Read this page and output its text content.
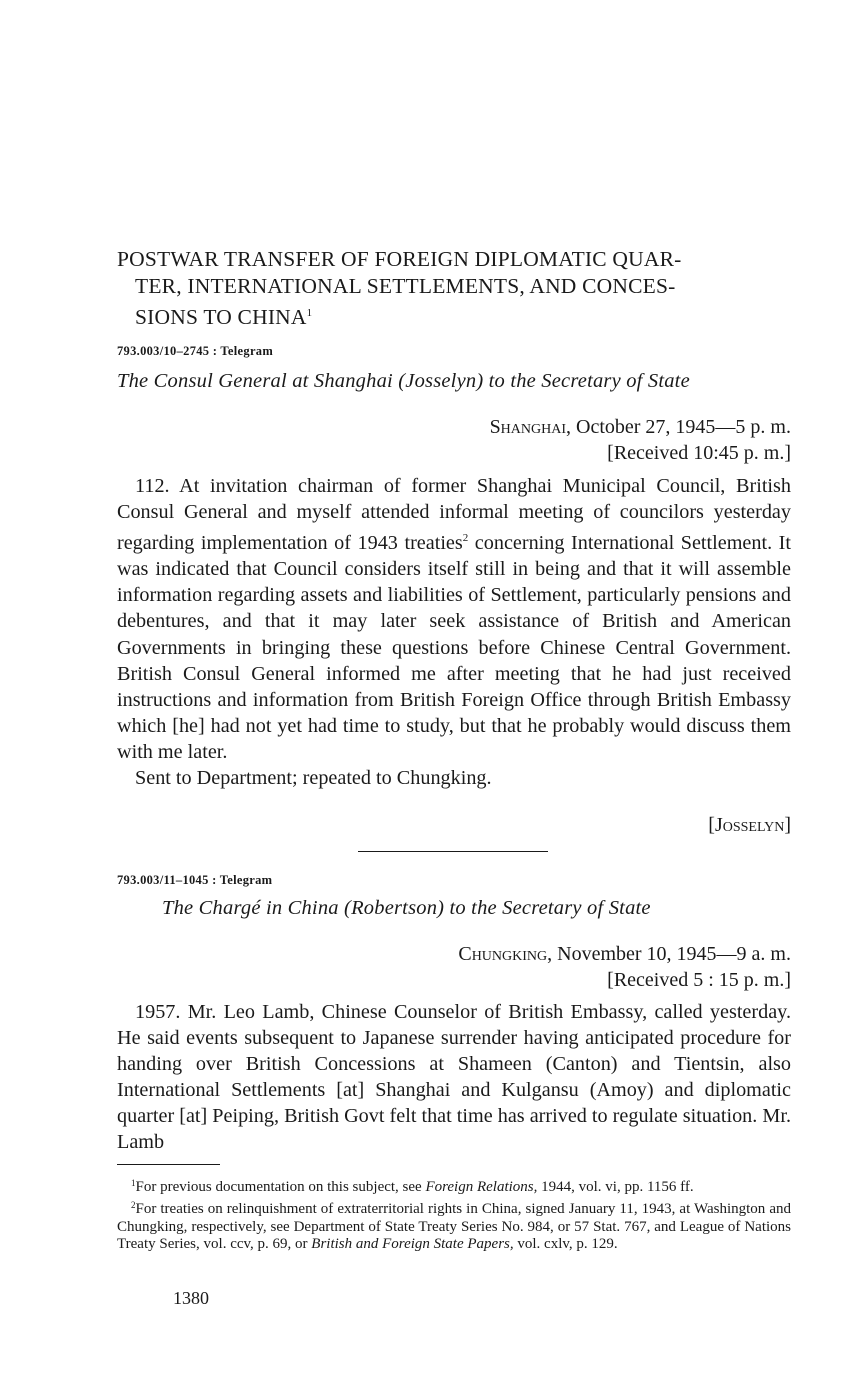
POSTWAR TRANSFER OF FOREIGN DIPLOMATIC QUAR-
TER, INTERNATIONAL SETTLEMENTS, AND CONCES-
SIONS TO CHINA$^1$
793.003/10–2745 : Telegram
The Consul General at Shanghai (Josselyn) to the Secretary of State
Shanghai, October 27, 1945—5 p. m.
[Received 10:45 p. m.]

112. At invitation chairman of former Shanghai Municipal Council, British Consul General and myself attended informal meeting of councilors yesterday regarding implementation of 1943 treaties$^2$ concerning International Settlement. It was indicated that Council considers itself still in being and that it will assemble information regarding assets and liabilities of Settlement, particularly pensions and debentures, and that it may later seek assistance of British and American Governments in bringing these questions before Chinese Central Government. British Consul General informed me after meeting that he had just received instructions and information from British Foreign Office through British Embassy which [he] had not yet had time to study, but that he probably would discuss them with me later.

Sent to Department; repeated to Chungking.

[Josselyn]
793.003/11–1045 : Telegram
The Chargé in China (Robertson) to the Secretary of State
Chungking, November 10, 1945—9 a. m.
[Received 5 : 15 p. m.]

1957. Mr. Leo Lamb, Chinese Counselor of British Embassy, called yesterday. He said events subsequent to Japanese surrender having anticipated procedure for handing over British Concessions at Shameen (Canton) and Tientsin, also International Settlements [at] Shanghai and Kulgansu (Amoy) and diplomatic quarter [at] Peiping, British Govt felt that time has arrived to regulate situation. Mr. Lamb

$^1$For previous documentation on this subject, see Foreign Relations, 1944, vol. vi, pp. 1156 ff.

$^2$For treaties on relinquishment of extraterritorial rights in China, signed January 11, 1943, at Washington and Chungking, respectively, see Department of State Treaty Series No. 984, or 57 Stat. 767, and League of Nations Treaty Series, vol. ccv, p. 69, or British and Foreign State Papers, vol. cxlv, p. 129.

1380
